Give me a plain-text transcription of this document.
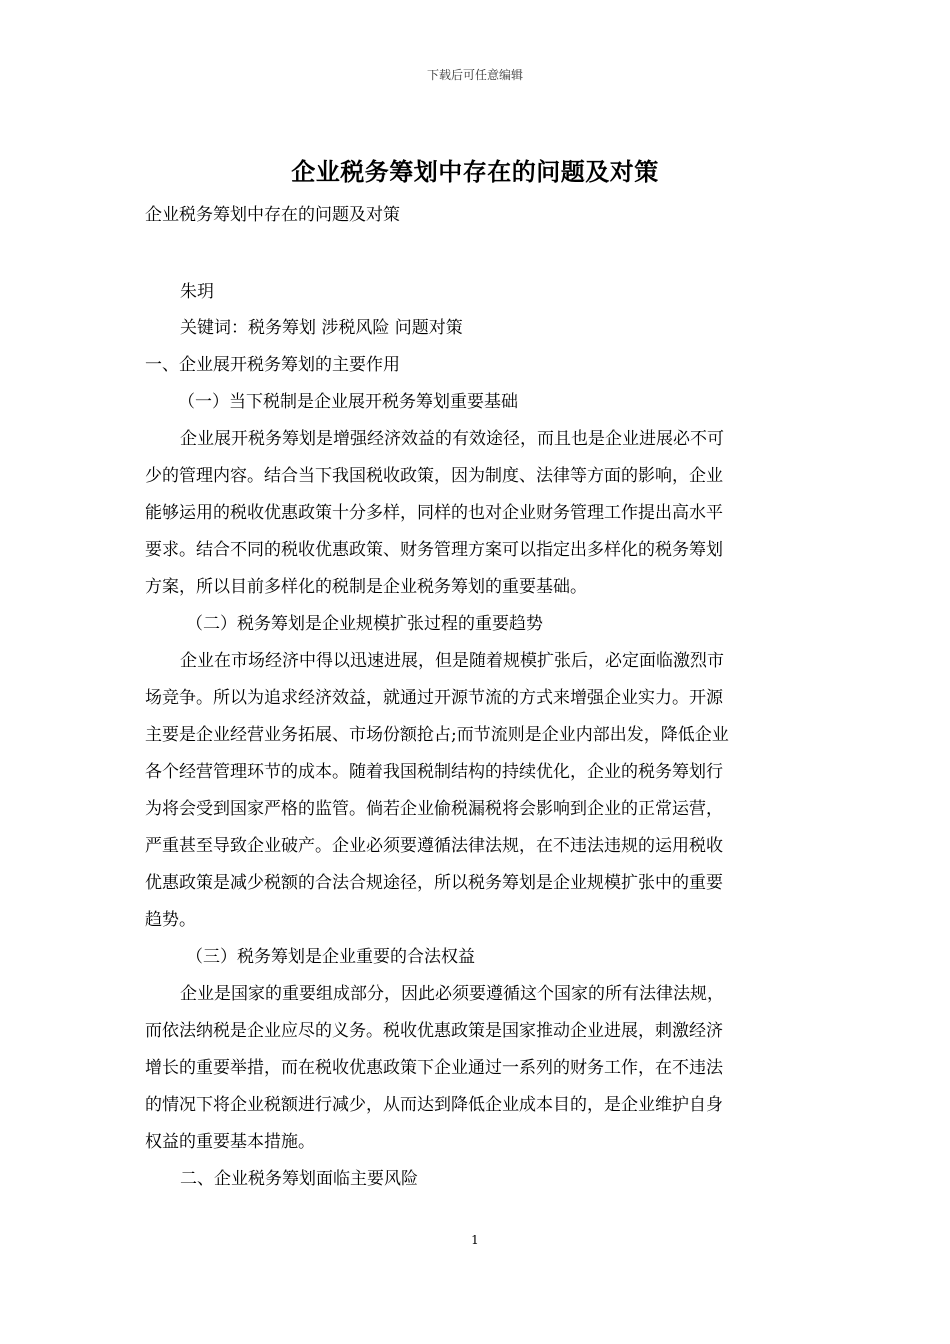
下载后可任意编辑
企业税务筹划中存在的问题及对策
企业税务筹划中存在的问题及对策
朱玥
关键词：税务筹划 涉税风险 问题对策
一、企业展开税务筹划的主要作用
（一）当下税制是企业展开税务筹划重要基础
企业展开税务筹划是增强经济效益的有效途径，而且也是企业进展必不可
少的管理内容。结合当下我国税收政策，因为制度、法律等方面的影响，企业
能够运用的税收优惠政策十分多样，同样的也对企业财务管理工作提出高水平
要求。结合不同的税收优惠政策、财务管理方案可以指定出多样化的税务筹划
方案，所以目前多样化的税制是企业税务筹划的重要基础。
（二）税务筹划是企业规模扩张过程的重要趋势
企业在市场经济中得以迅速进展，但是随着规模扩张后，必定面临激烈市
场竞争。所以为追求经济效益，就通过开源节流的方式来增强企业实力。开源
主要是企业经营业务拓展、市场份额抢占;而节流则是企业内部出发，降低企业
各个经营管理环节的成本。随着我国税制结构的持续优化，企业的税务筹划行
为将会受到国家严格的监管。倘若企业偷税漏税将会影响到企业的正常运营，
严重甚至导致企业破产。企业必须要遵循法律法规，在不违法违规的运用税收
优惠政策是减少税额的合法合规途径，所以税务筹划是企业规模扩张中的重要
趋势。
（三）税务筹划是企业重要的合法权益
企业是国家的重要组成部分，因此必须要遵循这个国家的所有法律法规，
而依法纳税是企业应尽的义务。税收优惠政策是国家推动企业进展，刺激经济
增长的重要举措，而在税收优惠政策下企业通过一系列的财务工作，在不违法
的情况下将企业税额进行减少，从而达到降低企业成本目的，是企业维护自身
权益的重要基本措施。
二、企业税务筹划面临主要风险
1
